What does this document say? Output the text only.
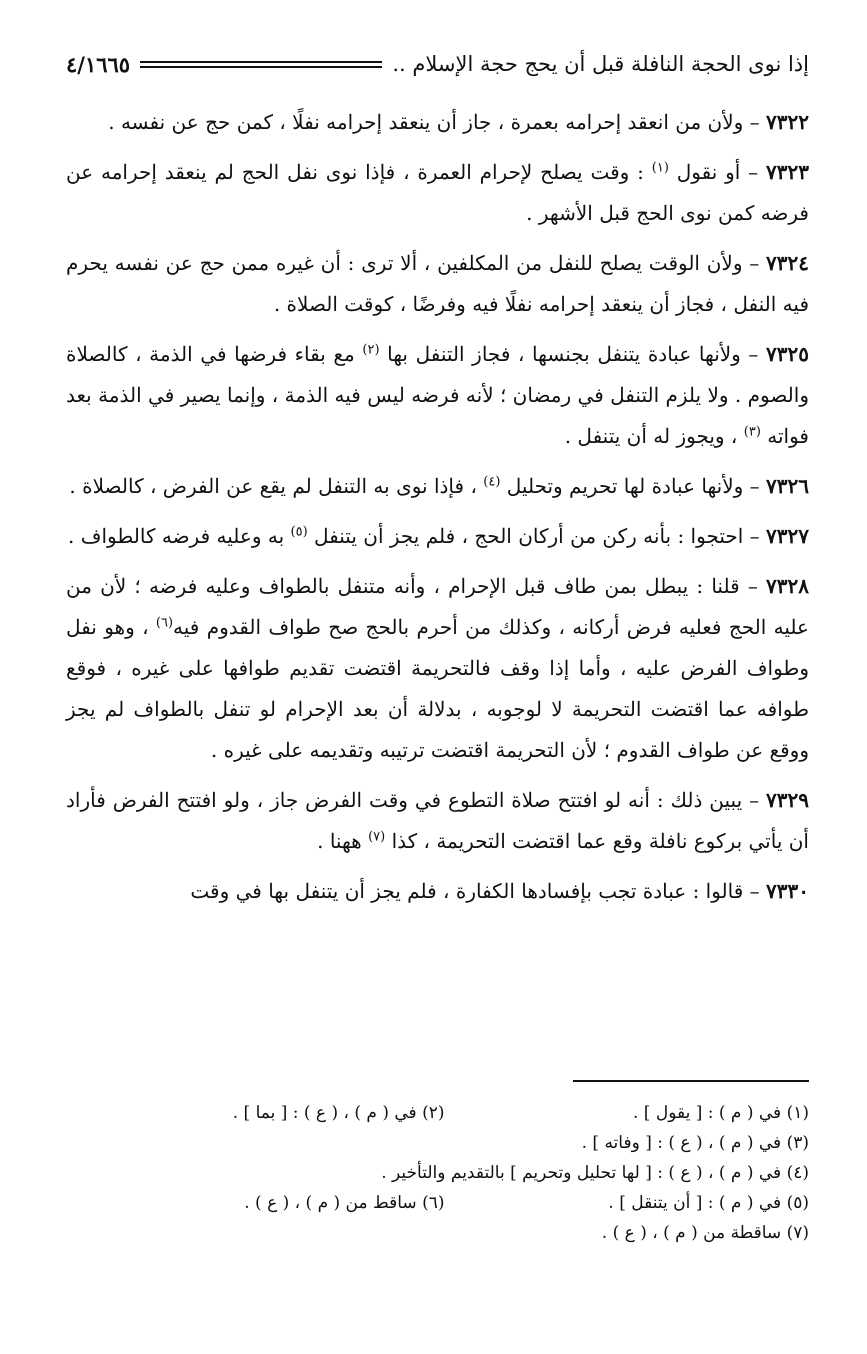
إذا نوى الحجة النافلة قبل أن يحج حجة الإسلام ..
٤/١٦٦٥

٧٣٢٢ – ولأن من انعقد إحرامه بعمرة ، جاز أن ينعقد إحرامه نفلًا ، كمن حج عن نفسه .

٧٣٢٣ – أو نقول $^{(١)}$ : وقت يصلح لإحرام العمرة ، فإذا نوى نفل الحج لم ينعقد إحرامه عن فرضه كمن نوى الحج قبل الأشهر .

٧٣٢٤ – ولأن الوقت يصلح للنفل من المكلفين ، ألا ترى : أن غيره ممن حج عن نفسه يحرم فيه النفل ، فجاز أن ينعقد إحرامه نفلًا فيه وفرضًا ، كوقت الصلاة .

٧٣٢٥ – ولأنها عبادة يتنفل بجنسها ، فجاز التنفل بها $^{(٢)}$ مع بقاء فرضها في الذمة ، كالصلاة والصوم . ولا يلزم التنفل في رمضان ؛ لأنه فرضه ليس فيه الذمة ، وإنما يصير في الذمة بعد فواته $^{(٣)}$ ، ويجوز له أن يتنفل .

٧٣٢٦ – ولأنها عبادة لها تحريم وتحليل $^{(٤)}$ ، فإذا نوى به التنفل لم يقع عن الفرض ، كالصلاة .

٧٣٢٧ – احتجوا : بأنه ركن من أركان الحج ، فلم يجز أن يتنفل $^{(٥)}$ به وعليه فرضه كالطواف .

٧٣٢٨ – قلنا : يبطل بمن طاف قبل الإحرام ، وأنه متنفل بالطواف وعليه فرضه ؛ لأن من عليه الحج فعليه فرض أركانه ، وكذلك من أحرم بالحج صح طواف القدوم فيه$^{(٦)}$ ، وهو نفل وطواف الفرض عليه ، وأما إذا وقف فالتحريمة اقتضت تقديم طوافها على غيره ، فوقع طوافه عما اقتضت التحريمة لا لوجوبه ، بدلالة أن بعد الإحرام لو تنفل بالطواف لم يجز ووقع عن طواف القدوم ؛ لأن التحريمة اقتضت ترتيبه وتقديمه على غيره .

٧٣٢٩ – يبين ذلك : أنه لو افتتح صلاة التطوع في وقت الفرض جاز ، ولو افتتح الفرض فأراد أن يأتي بركوع نافلة وقع عما اقتضت التحريمة ، كذا $^{(٧)}$ ههنا .

٧٣٣٠ – قالوا : عبادة تجب بإفسادها الكفارة ، فلم يجز أن يتنفل بها في وقت

(١) في ( م ) : [ يقول ] .
(٢) في ( م ) ، ( ع ) : [ بما ] .
(٣) في ( م ) ، ( ع ) : [ وفاته ] .
(٤) في ( م ) ، ( ع ) : [ لها تحليل وتحريم ] بالتقديم والتأخير .
(٥) في ( م ) : [ أن يتنقل ] .
(٦) ساقط من ( م ) ، ( ع ) .
(٧) ساقطة من ( م ) ، ( ع ) .
